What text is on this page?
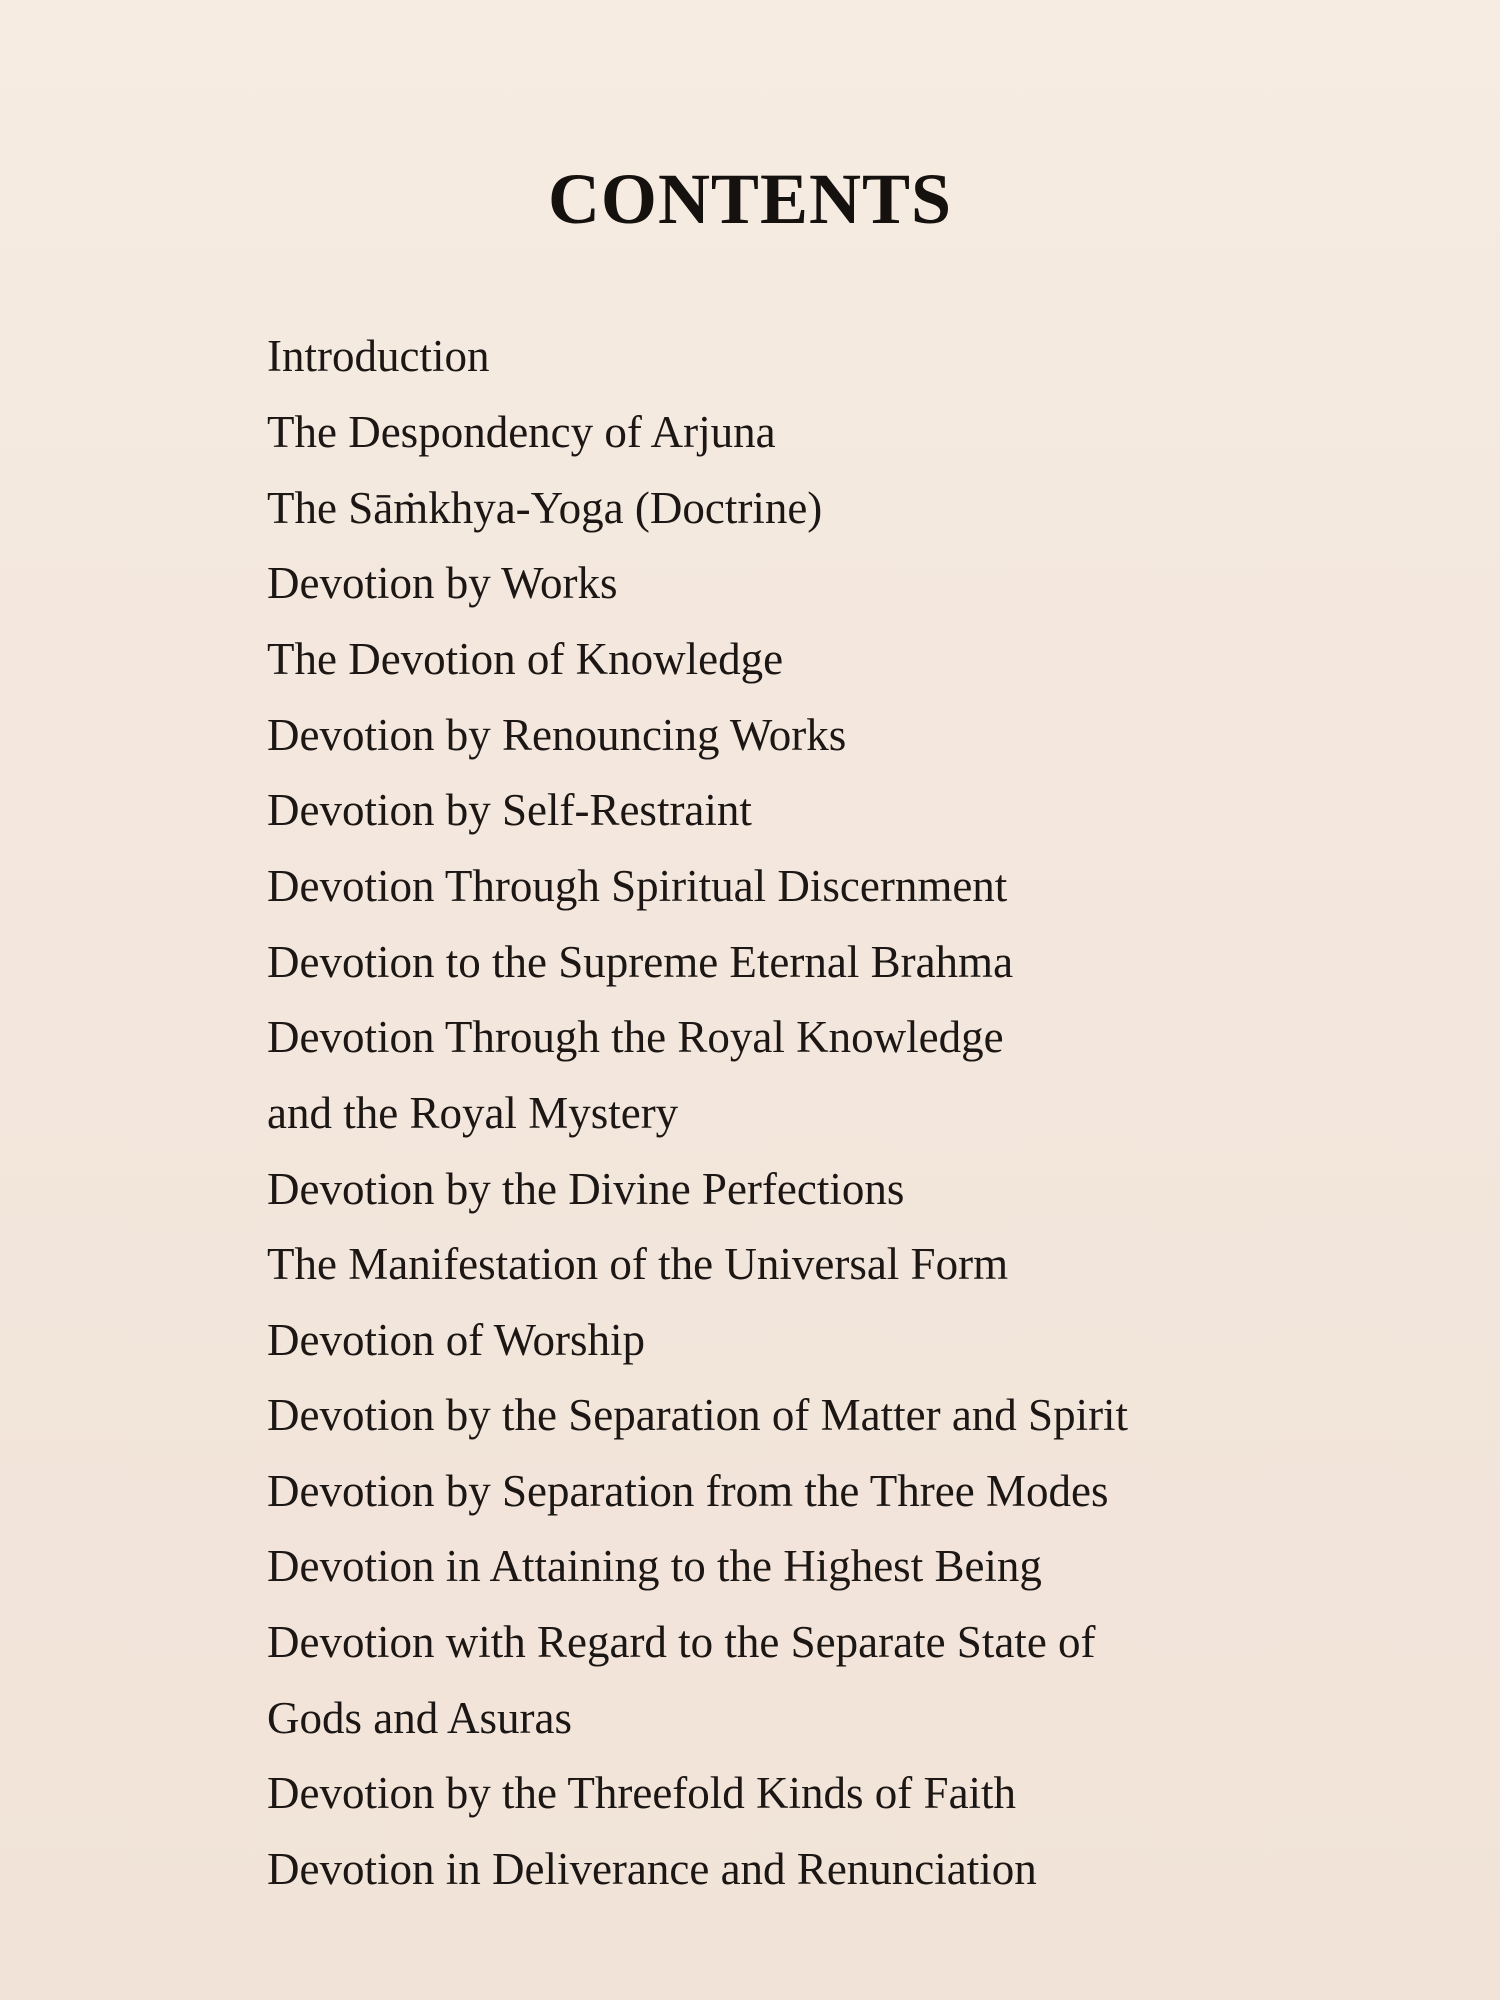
CONTENTS
Introduction
The Despondency of Arjuna
The Sāṁkhya-Yoga (Doctrine)
Devotion by Works
The Devotion of Knowledge
Devotion by Renouncing Works
Devotion by Self-Restraint
Devotion Through Spiritual Discernment
Devotion to the Supreme Eternal Brahma
Devotion Through the Royal Knowledge
and the Royal Mystery
Devotion by the Divine Perfections
The Manifestation of the Universal Form
Devotion of Worship
Devotion by the Separation of Matter and Spirit
Devotion by Separation from the Three Modes
Devotion in Attaining to the Highest Being
Devotion with Regard to the Separate State of
Gods and Asuras
Devotion by the Threefold Kinds of Faith
Devotion in Deliverance and Renunciation
